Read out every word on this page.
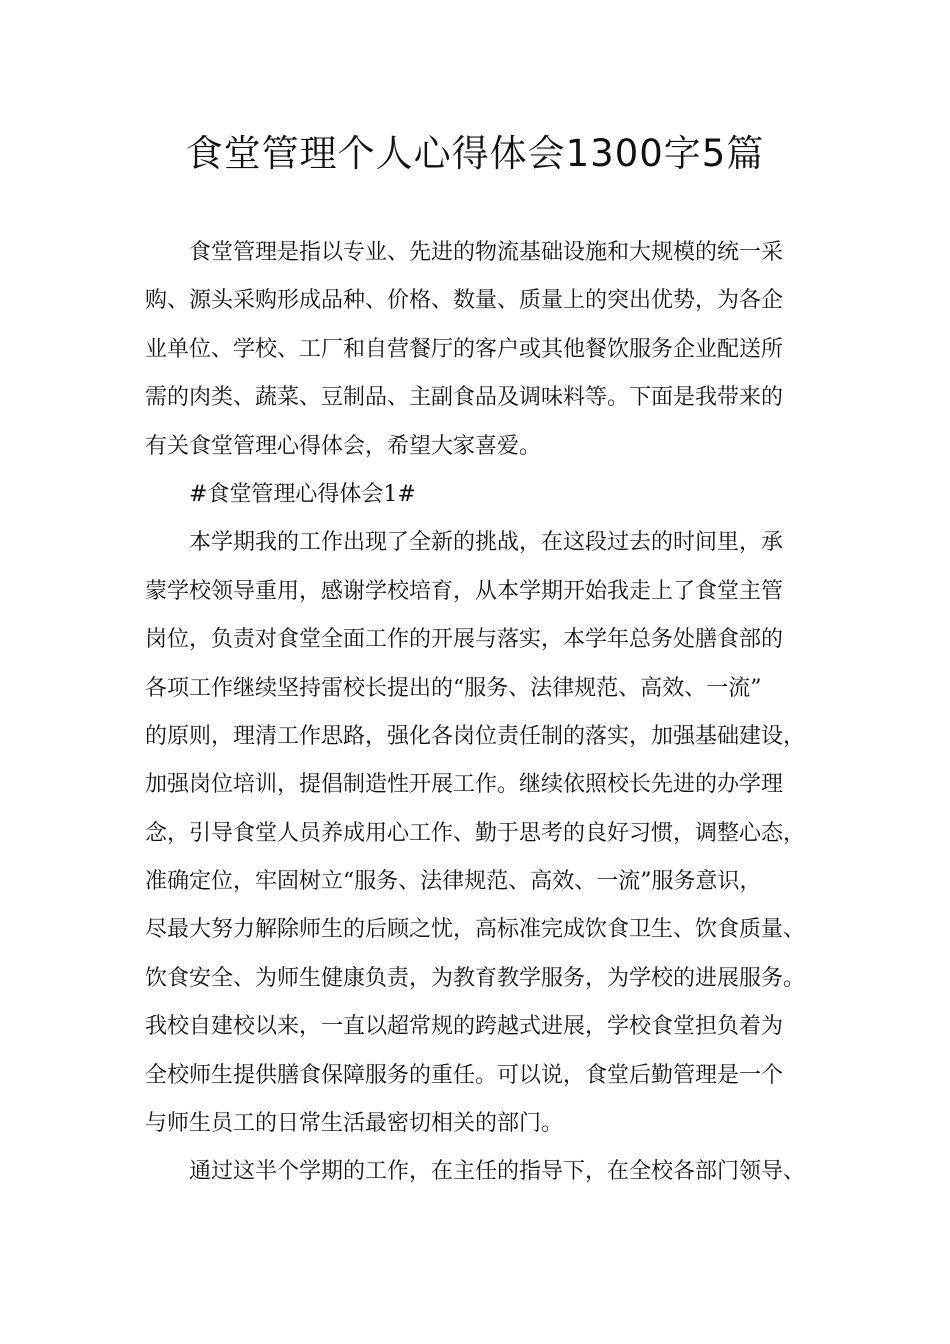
食堂管理个人心得体会1300字5篇
食堂管理是指以专业、先进的物流基础设施和大规模的统一采
购、源头采购形成品种、价格、数量、质量上的突出优势，为各企
业单位、学校、工厂和自营餐厅的客户或其他餐饮服务企业配送所
需的肉类、蔬菜、豆制品、主副食品及调味料等。下面是我带来的
有关食堂管理心得体会，希望大家喜爱。
#食堂管理心得体会1#
本学期我的工作出现了全新的挑战，在这段过去的时间里，承
蒙学校领导重用，感谢学校培育，从本学期开始我走上了食堂主管
岗位，负责对食堂全面工作的开展与落实，本学年总务处膳食部的
各项工作继续坚持雷校长提出的“服务、法律规范、高效、一流”
的原则，理清工作思路，强化各岗位责任制的落实，加强基础建设，
加强岗位培训，提倡制造性开展工作。继续依照校长先进的办学理
念，引导食堂人员养成用心工作、勤于思考的良好习惯，调整心态，
准确定位，牢固树立“服务、法律规范、高效、一流”服务意识，
尽最大努力解除师生的后顾之忧，高标准完成饮食卫生、饮食质量、
饮食安全、为师生健康负责，为教育教学服务，为学校的进展服务。
我校自建校以来，一直以超常规的跨越式进展，学校食堂担负着为
全校师生提供膳食保障服务的重任。可以说，食堂后勤管理是一个
与师生员工的日常生活最密切相关的部门。
通过这半个学期的工作，在主任的指导下，在全校各部门领导、
